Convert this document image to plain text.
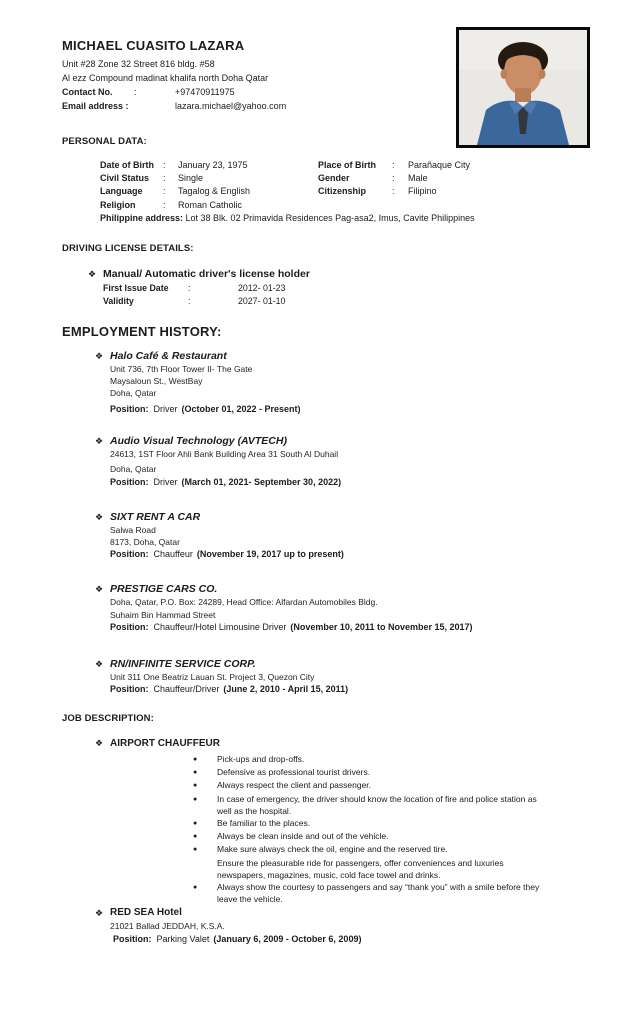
MICHAEL CUASITO LAZARA
Unit #28 Zone 32 Street 816 bldg. #58
Al ezz Compound madinat khalifa north Doha Qatar
Contact No.	:	+97470911975
Email address :	lazara.michael@yahoo.com
PERSONAL DATA:
Date of Birth	:	January 23, 1975	Place of Birth	:	Parañaque City
Civil Status	:	Single	Gender	:	Male
Language	:	Tagalog & English	Citizenship	:	Filipino
Religion	:	Roman Catholic
Philippine address: Lot 38 Blk. 02 Primavida Residences Pag-asa2, Imus, Cavite Philippines
DRIVING LICENSE DETAILS:
❖ Manual/ Automatic driver's license holder
First Issue Date	:	2012- 01-23
Validity	:	2027- 01-10
EMPLOYMENT HISTORY:
❖ Halo Café & Restaurant
Unit 736, 7th Floor Tower II- The Gate
Maysaloun St., WestBay
Doha, Qatar
Position: Driver (October 01, 2022 - Present)
❖ Audio Visual Technology (AVTECH)
24613, 1ST Floor Ahli Bank Building Area 31 South Al Duhail
Doha, Qatar
Position: Driver (March 01, 2021- September 30, 2022)
❖ SIXT RENT A CAR
Salwa Road
8173, Doha, Qatar
Position: Chauffeur (November 19, 2017 up to present)
❖ PRESTIGE CARS CO.
Doha, Qatar, P.O. Box: 24289, Head Office: Alfardan Automobiles Bldg.
Suhaim Bin Hammad Street
Position: Chauffeur/Hotel Limousine Driver (November 10, 2011 to November 15, 2017)
❖ RN/INFINITE SERVICE CORP.
Unit 311 One Beatriz Lauan St. Project 3, Quezon City
Position: Chauffeur/Driver (June 2, 2010 - April 15, 2011)
JOB DESCRIPTION:
❖ AIRPORT CHAUFFEUR
●	Pick-ups and drop-offs.
●	Defensive as professional tourist drivers.
●	Always respect the client and passenger.
●	In case of emergency, the driver should know the location of fire and police station as well as the hospital.
●	Be familiar to the places.
●	Always be clean inside and out of the vehicle.
●	Make sure always check the oil, engine and the reserved tire.
Ensure the pleasurable ride for passengers, offer conveniences and luxuries        newspapers, magazines, music, cold face towel and drinks.
●	Always show the courtesy to passengers and say “thank you” with a smile before they leave the vehicle.
❖ RED SEA Hotel
21021 Ballad JEDDAH, K.S.A.
Position: Parking Valet (January 6, 2009 - October 6, 2009)
